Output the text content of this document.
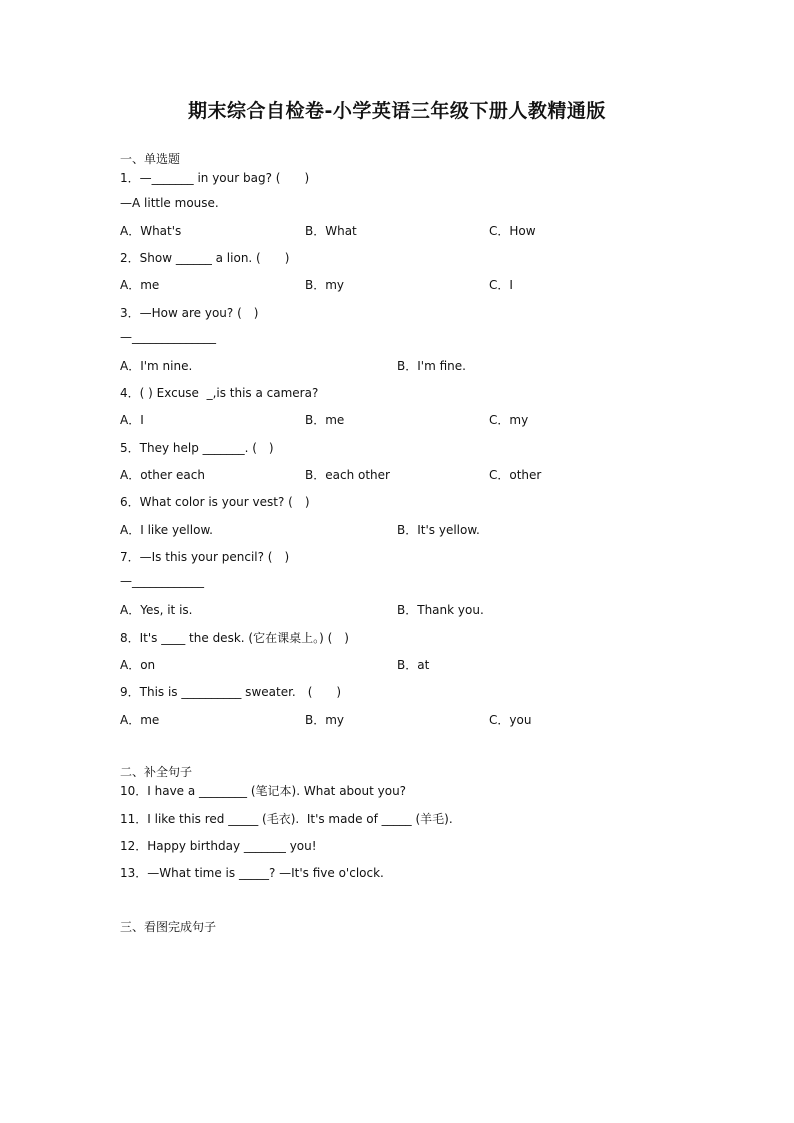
期末综合自检卷-小学英语三年级下册人教精通版
一、单选题
1．—_______ in your bag? (　　)
—A little mouse.
A．What's	B．What	C．How
2．Show ______ a lion. (　　)
A．me	B．my	C．I
3．—How are you? (　)
—______________
A．I'm nine.	B．I'm fine.
4．( ) Excuse  _,is this a camera?
A．I	B．me	C．my
5．They help _______. (　)
A．other each	B．each other	C．other
6．What color is your vest? (　)
A．I like yellow.	B．It's yellow.
7．—Is this your pencil? (　)
—____________
A．Yes, it is.	B．Thank you.
8．It's ____ the desk. (它在课桌上。) (　)
A．on	B．at
9．This is __________ sweater.　(　　)
A．me	B．my	C．you
二、补全句子
10．I have a ________ (笔记本). What about you?
11．I like this red _____ (毛衣).  It's made of _____ (羊毛).
12．Happy birthday _______ you!
13．—What time is _____? —It's five o'clock.
三、看图完成句子
